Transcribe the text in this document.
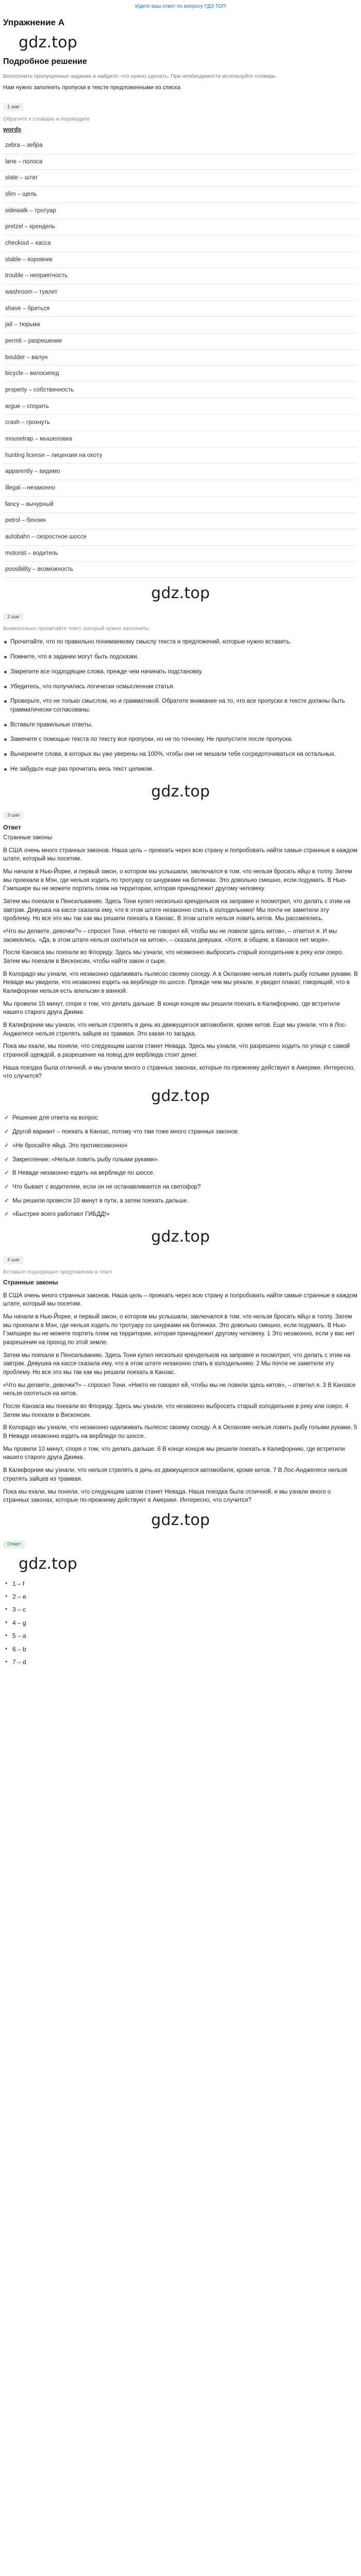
Идите ваш ответ по вопросу ГДЗ ТОП
Упражнение A
gdz.top
Подробное решение
Восполнить пропущенные задания и найдите, что нужно сделать. При необходимости используйте словарь.
Нам нужно заполнить пропуски в тексте предложенными из списка
1 шаг
Обратите к словарю и переводите
words
zebra – зебра
lane – полоса
state – штат
slim – щель
sidewalk – тротуар
pretzel – крендель
checkout – касса
stable – коровник
trouble – неприятность
washroom – туалет
shave – бриться
jail – тюрьма
permit – разрешение
boulder – валун
bicycle – велосипед
property – собственность
argue – спорить
crash – грохнуть
mousetrap – мышеловка
hunting license – лицензия на охоту
apparently – видимо
illegal – незаконно
fancy – вычурный
petrol – бензин
autobahn – скоростное шоссе
motorist – водитель
possibility – возможность
gdz.top
2 шаг
Внимательно прочитайте текст, который нужно заполнить:
Прочитайте, что по правильно понимаемому смыслу текста и предложений, которые нужно вставить.
Помните, что в задании могут быть подсказки.
Закрепите все подходящие слова, прежде чем начинать подстановку.
Убедитесь, что получилась логически осмысленная статья.
Проверьте, что не только смыслом, но и грамматикой. Обратите внимание на то, что все пропуски в тексте должны быть грамматически согласованы.
Вставьте правильные ответы.
Замените с помощью текста по тексту все пропуски, но не по точному. Не пропустите после пропуска.
Вычеркните слова, в которых вы уже уверены на 100%, чтобы они не мешали тебе сосредоточиваться на остальных.
Не забудьте еще раз прочитать весь текст целиком.
gdz.top
3 шаг
Ответ
Странные законы

В США очень много странных законов. Наша цель – проехать через всю страну и попробовать найти самые странные в каждом штате, который мы посетим.

Мы начали в Нью-Йорке, и первый закон, о котором мы услышали, заключался в том, что нельзя бросать яйцо в толпу. Затем мы проехали в Мэн, где нельзя ходить по тротуару со шнурками на ботинках. Это довольно смешно, если подумать. В Нью-Гэмпшире вы не можете портить пляж на территории, которая принадлежит другому человеку.

Затем мы поехали в Пенсильванию. Здесь Тони купил несколько крендельков на заправке и посмотрел, что делать с этим на завтрак. Девушка на кассе сказала ему, что в этом штате незаконно спать в холодильнике! Мы почти не заметили эту проблему. Но все это мы так как мы решили поехать в Канзас. В этом штате нельзя ловить китов. Мы рассмеялись.

«Что вы делаете, девочки?» – спросил Тони. «Никто не говорил ей, чтобы мы не ловили здесь китов», – ответил я. И мы засмеялись. «Да, в этом штате нельзя охотиться на китов», – сказала девушка. «Хотя, в общем, в Канзасе нет моря».

После Канзаса мы поехали во Флориду. Здесь мы узнали, что незаконно выбросить старый холодильник в реку или озеро. Затем мы поехали в Висконсин, чтобы найти закон о сыре.

В Колорадо мы узнали, что незаконно одалживать пылесос своему соседу. А в Оклахоме нельзя ловить рыбу голыми руками. В Неваде мы увидели, что незаконно ездить на верблюде по шоссе. Прежде чем мы уехали, я увидел плакат, говорящий, что в Калифорнии нельзя есть апельсин в ванной.

Мы провели 10 минут, споря о том, что делать дальше. В конце концов мы решили поехать в Калифорнию, где встретили нашего старого друга Джима.

В Калифорнии мы узнали, что нельзя стрелять в дичь из движущегося автомобиля, кроме китов. Еще мы узнали, что в Лос-Анджелесе нельзя стрелять зайцев из трамвая. Это какая-то загадка.

Пока мы ехали, мы поняли, что следующим шагом станет Невада. Здесь мы узнали, что разрешено ходить по улице с самой странной одеждой, а разрешение на повод для верблюда стоит денег.

Наша поездка была отличной, и мы узнали много о странных законах, которые по-прежнему действуют в Америке. Интересно, что случится?

gdz.top
✓ Решение для ответа на вопрос
✓ Другой вариант – поехать в Канзас, потому что там тоже много странных законов.
✓ «Не бросайте яйца. Это противозаконно»
✓ Закрепление: «Нельзя ловить рыбу голыми руками».
✓ В Неваде незаконно ездить на верблюде по шоссе.
✓ Что бывает с водителем, если он не останавливается на светофор?
✓ Мы решили провести 10 минут в пути, а затем поехать дальше.
✓ «Быстрее всего работают ГИБДД!»
gdz.top
4 шаг
Вставьте подходящие предложения в текст
Странные законы

В США очень много странных законов. Наша цель – проехать через всю страну и попробовать найти самые странные в каждом штате, который мы посетим.

Мы начали в Нью-Йорке, и первый закон, о котором мы услышали, заключался в том, что нельзя бросать яйцо в толпу. Затем мы проехали в Мэн, где нельзя ходить по тротуару со шнурками на ботинках. Это довольно смешно, если подумать. В Нью-Гэмпшире вы не можете портить пляж на территории, которая принадлежит другому человеку. 1 Это незаконно, если у вас нет разрешения на проход по этой земле.

Затем мы поехали в Пенсильванию. Здесь Тони купил несколько крендельков на заправке и посмотрел, что делать с этим на завтрак. Девушка на кассе сказала ему, что в этом штате незаконно спать в холодильнике. 2 Мы почти не заметили эту проблему. Но все это мы так как мы решили поехать в Канзас.

«Что вы делаете, девочки?» – спросил Тони. «Никто не говорил ей, чтобы мы не ловили здесь китов», – ответил я. 3 В Канзасе нельзя охотиться на китов.

После Канзаса мы поехали во Флориду. Здесь мы узнали, что незаконно выбросить старый холодильник в реку или озеро. 4 Затем мы поехали в Висконсин.

В Колорадо мы узнали, что незаконно одалживать пылесос своему соседу. А в Оклахоме нельзя ловить рыбу голыми руками. 5 В Неваде незаконно ездить на верблюде по шоссе.

Мы провели 10 минут, споря о том, что делать дальше. 6 В конце концов мы решили поехать в Калифорнию, где встретили нашего старого друга Джима.

В Калифорнии мы узнали, что нельзя стрелять в дичь из движущегося автомобиля, кроме китов. 7 В Лос-Анджелесе нельзя стрелять зайцев из трамвая.

Пока мы ехали, мы поняли, что следующим шагом станет Невада. Наша поездка была отличной, и мы узнали много о странных законах, которые по-прежнему действуют в Америке. Интересно, что случится?

gdz.top
Ответ
gdz.top
• 1 – f
• 2 – e
• 3 – c
• 4 – g
• 5 – a
• 6 – b
• 7 – d
